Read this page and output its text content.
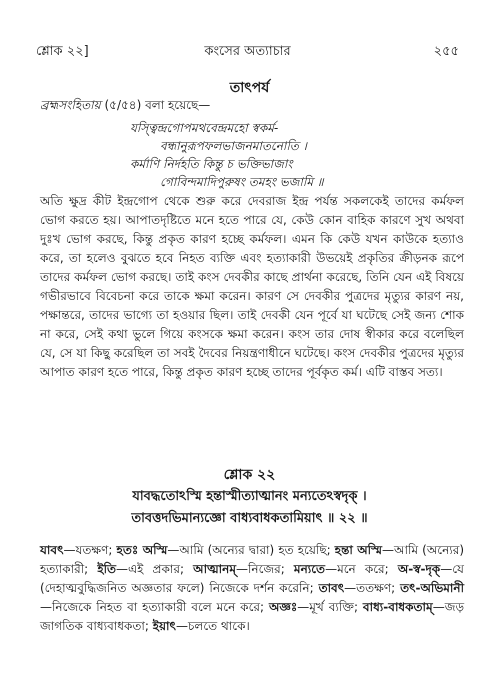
শ্লোক ২২]	কংসের অত্যাচার	২৫৫
তাৎপর্য
ব্রহ্মসংহিতায় (৫/৫৪) বলা হয়েছে—
যস্ত্বিন্দ্রগোপমথবেন্দ্রমহো স্বকর্ম-
বন্ধানুরূপফলভাজনমাতনোতি ।
কর্মাণি নির্দহতি কিন্তু চ ভক্তিভাজাং
গোবিন্দমাদিপুরুষং তমহং ভজামি ॥
অতি ক্ষুদ্র কীট ইন্দ্রগোপ থেকে শুরু করে দেবরাজ ইন্দ্র পর্যন্ত সকলকেই তাদের কর্মফল ভোগ করতে হয়। আপাতদৃষ্টিতে মনে হতে পারে যে, কেউ কোন বাহিক কারণে সুখ অথবা দুঃখ ভোগ করছে, কিন্তু প্রকৃত কারণ হচ্ছে কর্মফল। এমন কি কেউ যখন কাউকে হত্যাও করে, তা হলেও বুঝতে হবে নিহত ব্যক্তি এবং হত্যাকারী উভয়েই প্রকৃতির ক্রীড়নক রূপে তাদের কর্মফল ভোগ করছে। তাই কংস দেবকীর কাছে প্রার্থনা করেছে, তিনি যেন এই বিষয়ে গভীরভাবে বিবেচনা করে তাকে ক্ষমা করেন। কারণ সে দেবকীর পুত্রদের মৃত্যুর কারণ নয়, পক্ষান্তরে, তাদের ভাগ্যে তা হওয়ার ছিল। তাই দেবকী যেন পূর্বে যা ঘটেছে সেই জন্য শোক না করে, সেই কথা ভুলে গিয়ে কংসকে ক্ষমা করেন। কংস তার দোষ স্বীকার করে বলেছিল যে, সে যা কিছু করেছিল তা সবই দৈবের নিয়ন্ত্রণাধীনে ঘটেছে। কংস দেবকীর পুত্রদের মৃত্যুর আপাত কারণ হতে পারে, কিন্তু প্রকৃত কারণ হচ্ছে তাদের পূর্বকৃত কর্ম। এটি বাস্তব সত্য।
শ্লোক ২২
যাবদ্ধতোঽস্মি হন্তাস্মীত্যাত্মানং মন্যতেঽস্বদৃক্ ।
তাবত্তদভিমান্যজ্ঞো বাধ্যবাধকতামিয়াৎ ॥ ২২ ॥
যাবৎ—যতক্ষণ; হতঃ অস্মি—আমি (অন্যের দ্বারা) হত হয়েছি; হন্তা অস্মি—আমি (অন্যের) হত্যাকারী; ইতি—এই প্রকার; আত্মানম্—নিজের; মন্যতে—মনে করে; অ-স্ব-দৃক্—যে (দেহাত্মবুদ্ধিজনিত অজ্ঞতার ফলে) নিজেকে দর্শন করেনি; তাবৎ—ততক্ষণ; তৎ-অভিমানী—নিজেকে নিহত বা হত্যাকারী বলে মনে করে; অজ্ঞঃ—মূর্খ ব্যক্তি; বাধ্য-বাধকতাম্—জড় জাগতিক বাধ্যবাধকতা; ইয়াৎ—চলতে থাকে।
